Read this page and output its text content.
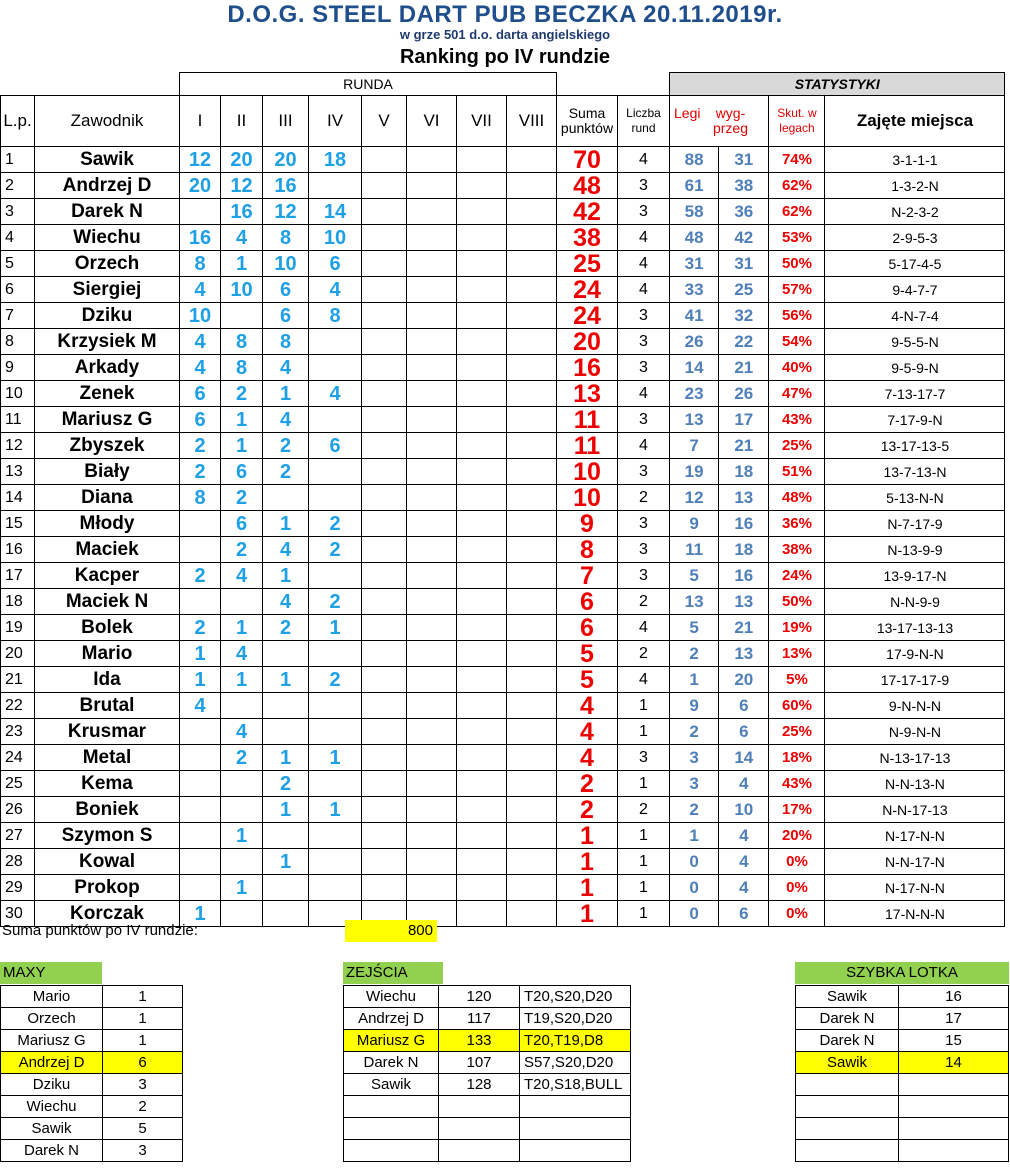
D.O.G. STEEL DART PUB BECZKA 20.11.2019r.
w grze 501 d.o. darta angielskiego
Ranking po IV rundzie
		RUNDA										STATYSTYKI			
L.p.	Zawodnik	I	II	III	IV	V	VI	VII	VIII	Suma punktów	Liczba rund	Legi wyg-przeg		Skut. w legach	Zajęte miejsca
1	Sawik	12	20	20	18					70	4	88	31	74%	3-1-1-1
2	Andrzej D	20	12	16						48	3	61	38	62%	1-3-2-N
3	Darek N		16	12	14					42	3	58	36	62%	N-2-3-2
4	Wiechu	16	4	8	10					38	4	48	42	53%	2-9-5-3
5	Orzech	8	1	10	6					25	4	31	31	50%	5-17-4-5
6	Siergiej	4	10	6	4					24	4	33	25	57%	9-4-7-7
7	Dziku	10		6	8					24	3	41	32	56%	4-N-7-4
8	Krzysiek M	4	8	8						20	3	26	22	54%	9-5-5-N
9	Arkady	4	8	4						16	3	14	21	40%	9-5-9-N
10	Zenek	6	2	1	4					13	4	23	26	47%	7-13-17-7
11	Mariusz G	6	1	4						11	3	13	17	43%	7-17-9-N
12	Zbyszek	2	1	2	6					11	4	7	21	25%	13-17-13-5
13	Biały	2	6	2						10	3	19	18	51%	13-7-13-N
14	Diana	8	2							10	2	12	13	48%	5-13-N-N
15	Młody		6	1	2					9	3	9	16	36%	N-7-17-9
16	Maciek		2	4	2					8	3	11	18	38%	N-13-9-9
17	Kacper	2	4	1						7	3	5	16	24%	13-9-17-N
18	Maciek N			4	2					6	2	13	13	50%	N-N-9-9
19	Bolek	2	1	2	1					6	4	5	21	19%	13-17-13-13
20	Mario	1	4							5	2	2	13	13%	17-9-N-N
21	Ida	1	1	1	2					5	4	1	20	5%	17-17-17-9
22	Brutal	4								4	1	9	6	60%	9-N-N-N
23	Krusmar		4							4	1	2	6	25%	N-9-N-N
24	Metal		2	1	1					4	3	3	14	18%	N-13-17-13
25	Kema			2						2	1	3	4	43%	N-N-13-N
26	Boniek			1	1					2	2	2	10	17%	N-N-17-13
27	Szymon S		1							1	1	1	4	20%	N-17-N-N
28	Kowal			1						1	1	0	4	0%	N-N-17-N
29	Prokop		1							1	1	0	4	0%	N-17-N-N
30	Korczak	1								1	1	0	6	0%	17-N-N-N
Suma punktów po IV rundzie:	800
MAXY
Mario	1
Orzech	1
Mariusz G	1
Andrzej D	6
Dziku	3
Wiechu	2
Sawik	5
Darek N	3
ZEJŚCIA
Wiechu	120	T20,S20,D20
Andrzej D	117	T19,S20,D20
Mariusz G	133	T20,T19,D8
Darek N	107	S57,S20,D20
Sawik	128	T20,S18,BULL

SZYBKA LOTKA
Sawik	16
Darek N	17
Darek N	15
Sawik	14
